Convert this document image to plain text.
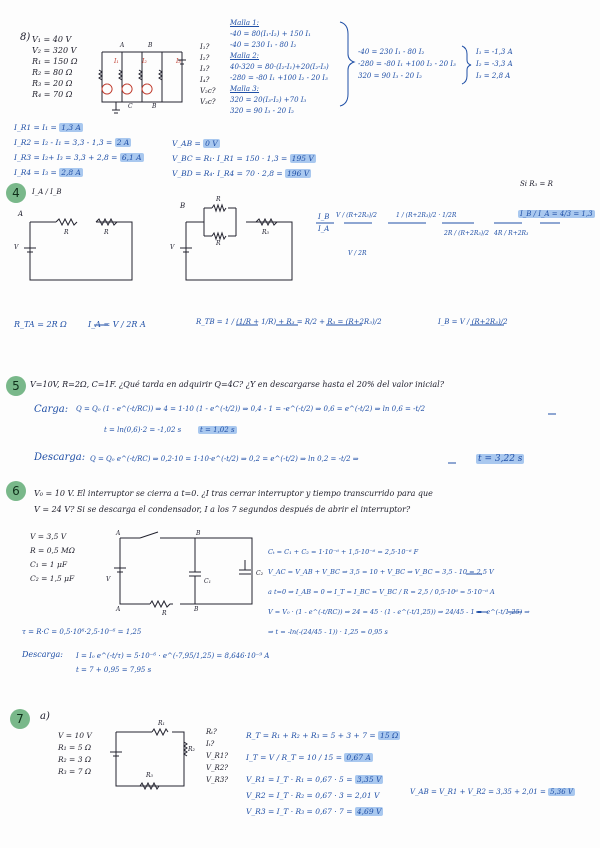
8) V₁ = 40 V
V₂ = 320 V
R₁ = 150 Ω
R₂ = 80 Ω
R₃ = 20 Ω
R₄ = 70 Ω
A	B
C	B
I₁	I₂	I₃
I₁?
I₂?
I₃?
I₄?
V₂c?
V₃c?
Malla 1:
-40 = 80(I₁-I₂) + 150 I₁
-40 = 230 I₁ - 80 I₂
Malla 2:
40-320 = 80·(I₂-I₁)+20(I₂-I₃)
-280 = -80 I₁ +100 I₂ - 20 I₃
Malla 3:
320 = 20(I₃-I₂) +70 I₃
320 = 90 I₃ - 20 I₂
-40 = 230 I₁ - 80 I₂
-280 = -80 I₁ +100 I₂ - 20 I₃
320 = 90 I₃ - 20 I₂
I₁ = -1,3 A
I₂ = -3,3 A
I₃ = 2,8 A
I_R1 = I₁ = 1,3 A
I_R2 = I₂ - I₁ = 3,3 - 1,3 = 2 A
I_R3 = I₂+ I₃ = 3,3 + 2,8 = 6,1 A
I_R4 = I₃ = 2,8 A
V_AB = 0 V
V_BC = R₁· I_R1 = 150 · 1,3 = 195 V
V_BD = R₄· I_R4 = 70 · 2,8 = 196 V
4	I_A / I_B
Si R₃ = R
A
V
R	R
B
V
R
R
R₃
I_B
I_A
V / (R+2R₃)/2
V / 2R
1 / (R+2R₃)/2 · 1/2R
2R / (R+2R₃)/2 4R / R+2R₃
I_B / I_A = 4/3 = 1,3
R_TA = 2R Ω	I_A = V / 2R A	R_TB = 1 / (1/R + 1/R) + R₃ = R/2 + R₃ = (R+2R₃)/2	I_B = V / (R+2R₃)/2
5	V=10V, R=2Ω, C=1F. ¿Qué tarda en adquirir Q=4C? ¿Y en descargarse hasta el 20% del valor inicial?
Carga: Q = Q₀ (1 - e^(-t/RC)) ⇒ 4 = 1·10 (1 - e^(-t/2)) ⇒ 0,4 - 1 = -e^(-t/2) ⇒ 0,6 = e^(-t/2) ⇒ ln 0,6 = -t/2
t = ln(0,6)·2 = -1,02 s	t = 1,02 s
Descarga: Q = Q₀ e^(-t/RC) ⇒ 0,2·10 = 1·10·e^(-t/2) ⇒ 0,2 = e^(-t/2) ⇒ ln 0,2 = -t/2 ⇒	t = 3,22 s
6	V₀ = 10 V. El interruptor se cierra a t=0. ¿I tras cerrar interruptor y tiempo transcurrido para que
V = 24 V? Si se descarga el condensador, I a los 7 segundos después de abrir el interruptor?
V = 3,5 V
R = 0,5 MΩ
C₁ = 1 μF
C₂ = 1,5 μF
A	B
C₁
C₂
A	B
V
R
Cₜ = C₁ + C₂ = 1·10⁻⁶ + 1,5·10⁻⁶ = 2,5·10⁻⁶ F
V_AC = V_AB + V_BC ⇒ 3,5 = 10 + V_BC ⇒ V_BC = 3,5 - 10 = 2,5 V
a t=0 ⇒ I_AB = 0 ⇒ I_T = I_BC = V_BC / R = 2,5 / 0,5·10⁶ = 5·10⁻⁶ A
V = V₀ · (1 - e^(-t/RC)) ⇒ 24 = 45 · (1 - e^(-t/1,25)) ⇒ 24/45 - 1 = -e^(-t/1,25) ⇒
⇒ t = -ln(-(24/45 - 1)) · 1,25 = 0,95 s
τ = R·C = 0,5·10⁶·2,5·10⁻⁶ = 1,25
Descarga: I = I₀ e^(-t/τ) = 5·10⁻⁶ · e^(-7,95/1,25) = 8,646·10⁻⁹ A
t = 7 + 0,95 = 7,95 s
7	a)
V = 10 V
R₁ = 5 Ω
R₂ = 3 Ω
R₃ = 7 Ω
R₁
R₂
R₃
Rₜ?
Iₜ?
V_R1?
V_R2?
V_R3?
R_T = R₁ + R₂ + R₃ = 5 + 3 + 7 = 15 Ω
I_T = V / R_T = 10 / 15 = 0,67 A
V_R1 = I_T · R₁ = 0,67 · 5 = 3,35 V
V_R2 = I_T · R₂ = 0,67 · 3 = 2,01 V
V_R3 = I_T · R₃ = 0,67 · 7 = 4,69 V
V_AB = V_R1 + V_R2 = 3,35 + 2,01 = 5,36 V
